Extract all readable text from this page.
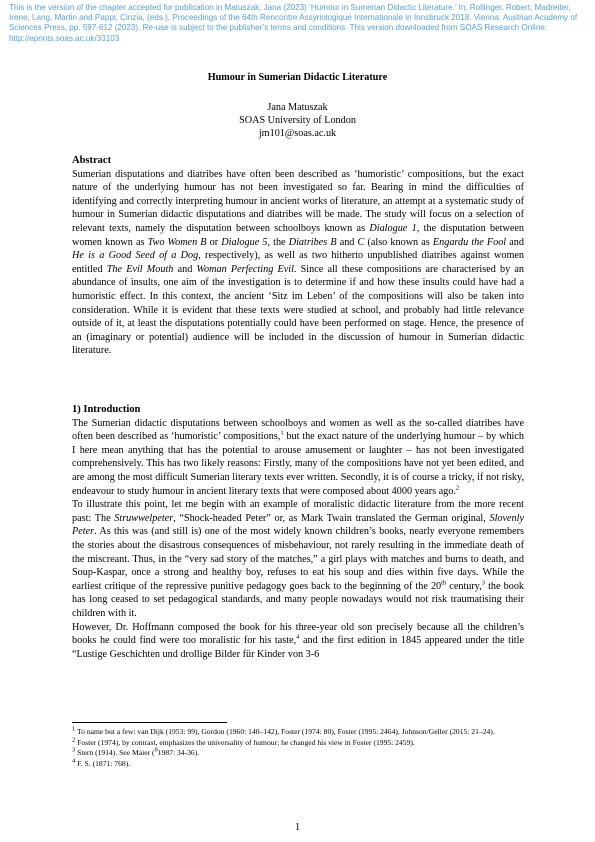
This is the version of the chapter accepted for publication in Matuszak, Jana (2023) ‘Humour in Sumerian Didactic Literature.’ In: Rollinger, Robert, Madreiter, Irene, Lang, Martin and Pappi, Cinzia, (eds.), Proceedings of the 64th Rencontre Assyriologique Internationale in Innsbruck 2018. Vienna: Austrian Academy of Sciences Press, pp. 597-612 (2023). Re-use is subject to the publisher’s terms and conditions. This version downloaded from SOAS Research Online: http://eprints.soas.ac.uk/33103
Humour in Sumerian Didactic Literature
Jana Matuszak
SOAS University of London
jm101@soas.ac.uk
Abstract

Sumerian disputations and diatribes have often been described as ‘humoristic’ compositions, but the exact nature of the underlying humour has not been investigated so far. Bearing in mind the difficulties of identifying and correctly interpreting humour in ancient works of literature, an attempt at a systematic study of humour in Sumerian didactic disputations and diatribes will be made. The study will focus on a selection of relevant texts, namely the disputation between schoolboys known as Dialogue 1, the disputation between women known as Two Women B or Dialogue 5, the Diatribes B and C (also known as Engardu the Fool and He is a Good Seed of a Dog, respectively), as well as two hitherto unpublished diatribes against women entitled The Evil Mouth and Woman Perfecting Evil. Since all these compositions are characterised by an abundance of insults, one aim of the investigation is to determine if and how these insults could have had a humoristic effect. In this context, the ancient ‘Sitz im Leben’ of the compositions will also be taken into consideration. While it is evident that these texts were studied at school, and probably had little relevance outside of it, at least the disputations potentially could have been performed on stage. Hence, the presence of an (imaginary or potential) audience will be included in the discussion of humour in Sumerian didactic literature.

1) Introduction

The Sumerian didactic disputations between schoolboys and women as well as the so-called diatribes have often been described as ‘humoristic’ compositions,$^1$ but the exact nature of the underlying humour – by which I here mean anything that has the potential to arouse amusement or laughter – has not been investigated comprehensively. This has two likely reasons: Firstly, many of the compositions have not yet been edited, and are among the most difficult Sumerian literary texts ever written. Secondly, it is of course a tricky, if not risky, endeavour to study humour in ancient literary texts that were composed about 4000 years ago.$^2$

To illustrate this point, let me begin with an example of moralistic didactic literature from the more recent past: The Struwwelpeter, “Shock-headed Peter” or, as Mark Twain translated the German original, Slovenly Peter. As this was (and still is) one of the most widely known children’s books, nearly everyone remembers the stories about the disastrous consequences of misbehaviour, not rarely resulting in the immediate death of the miscreant. Thus, in the “very sad story of the matches,” a girl plays with matches and burns to death, and Soup-Kaspar, once a strong and healthy boy, refuses to eat his soup and dies within five days. While the earliest critique of the repressive punitive pedagogy goes back to the beginning of the 20th century,$^3$ the book has long ceased to set pedagogical standards, and many people nowadays would not risk traumatising their children with it.

However, Dr. Hoffmann composed the book for his three-year old son precisely because all the children’s books he could find were too moralistic for his taste,$^4$ and the first edition in 1845 appeared under the title “Lustige Geschichten und drollige Bilder für Kinder von 3-6

$^1$ To name but a few: van Dijk (1953: 99), Gordon (1960: 140–142), Foster (1974: 80), Foster (1995: 2464), Johnson/Geller (2015: 21–24).
$^2$ Foster (1974), by contrast, emphasizes the universality of humour; he changed his view in Foster (1995: 2459).
$^3$ Stern (1914). See Maier ($^9$1987: 34-36).
$^4$ F. S. (1871: 768).
1
